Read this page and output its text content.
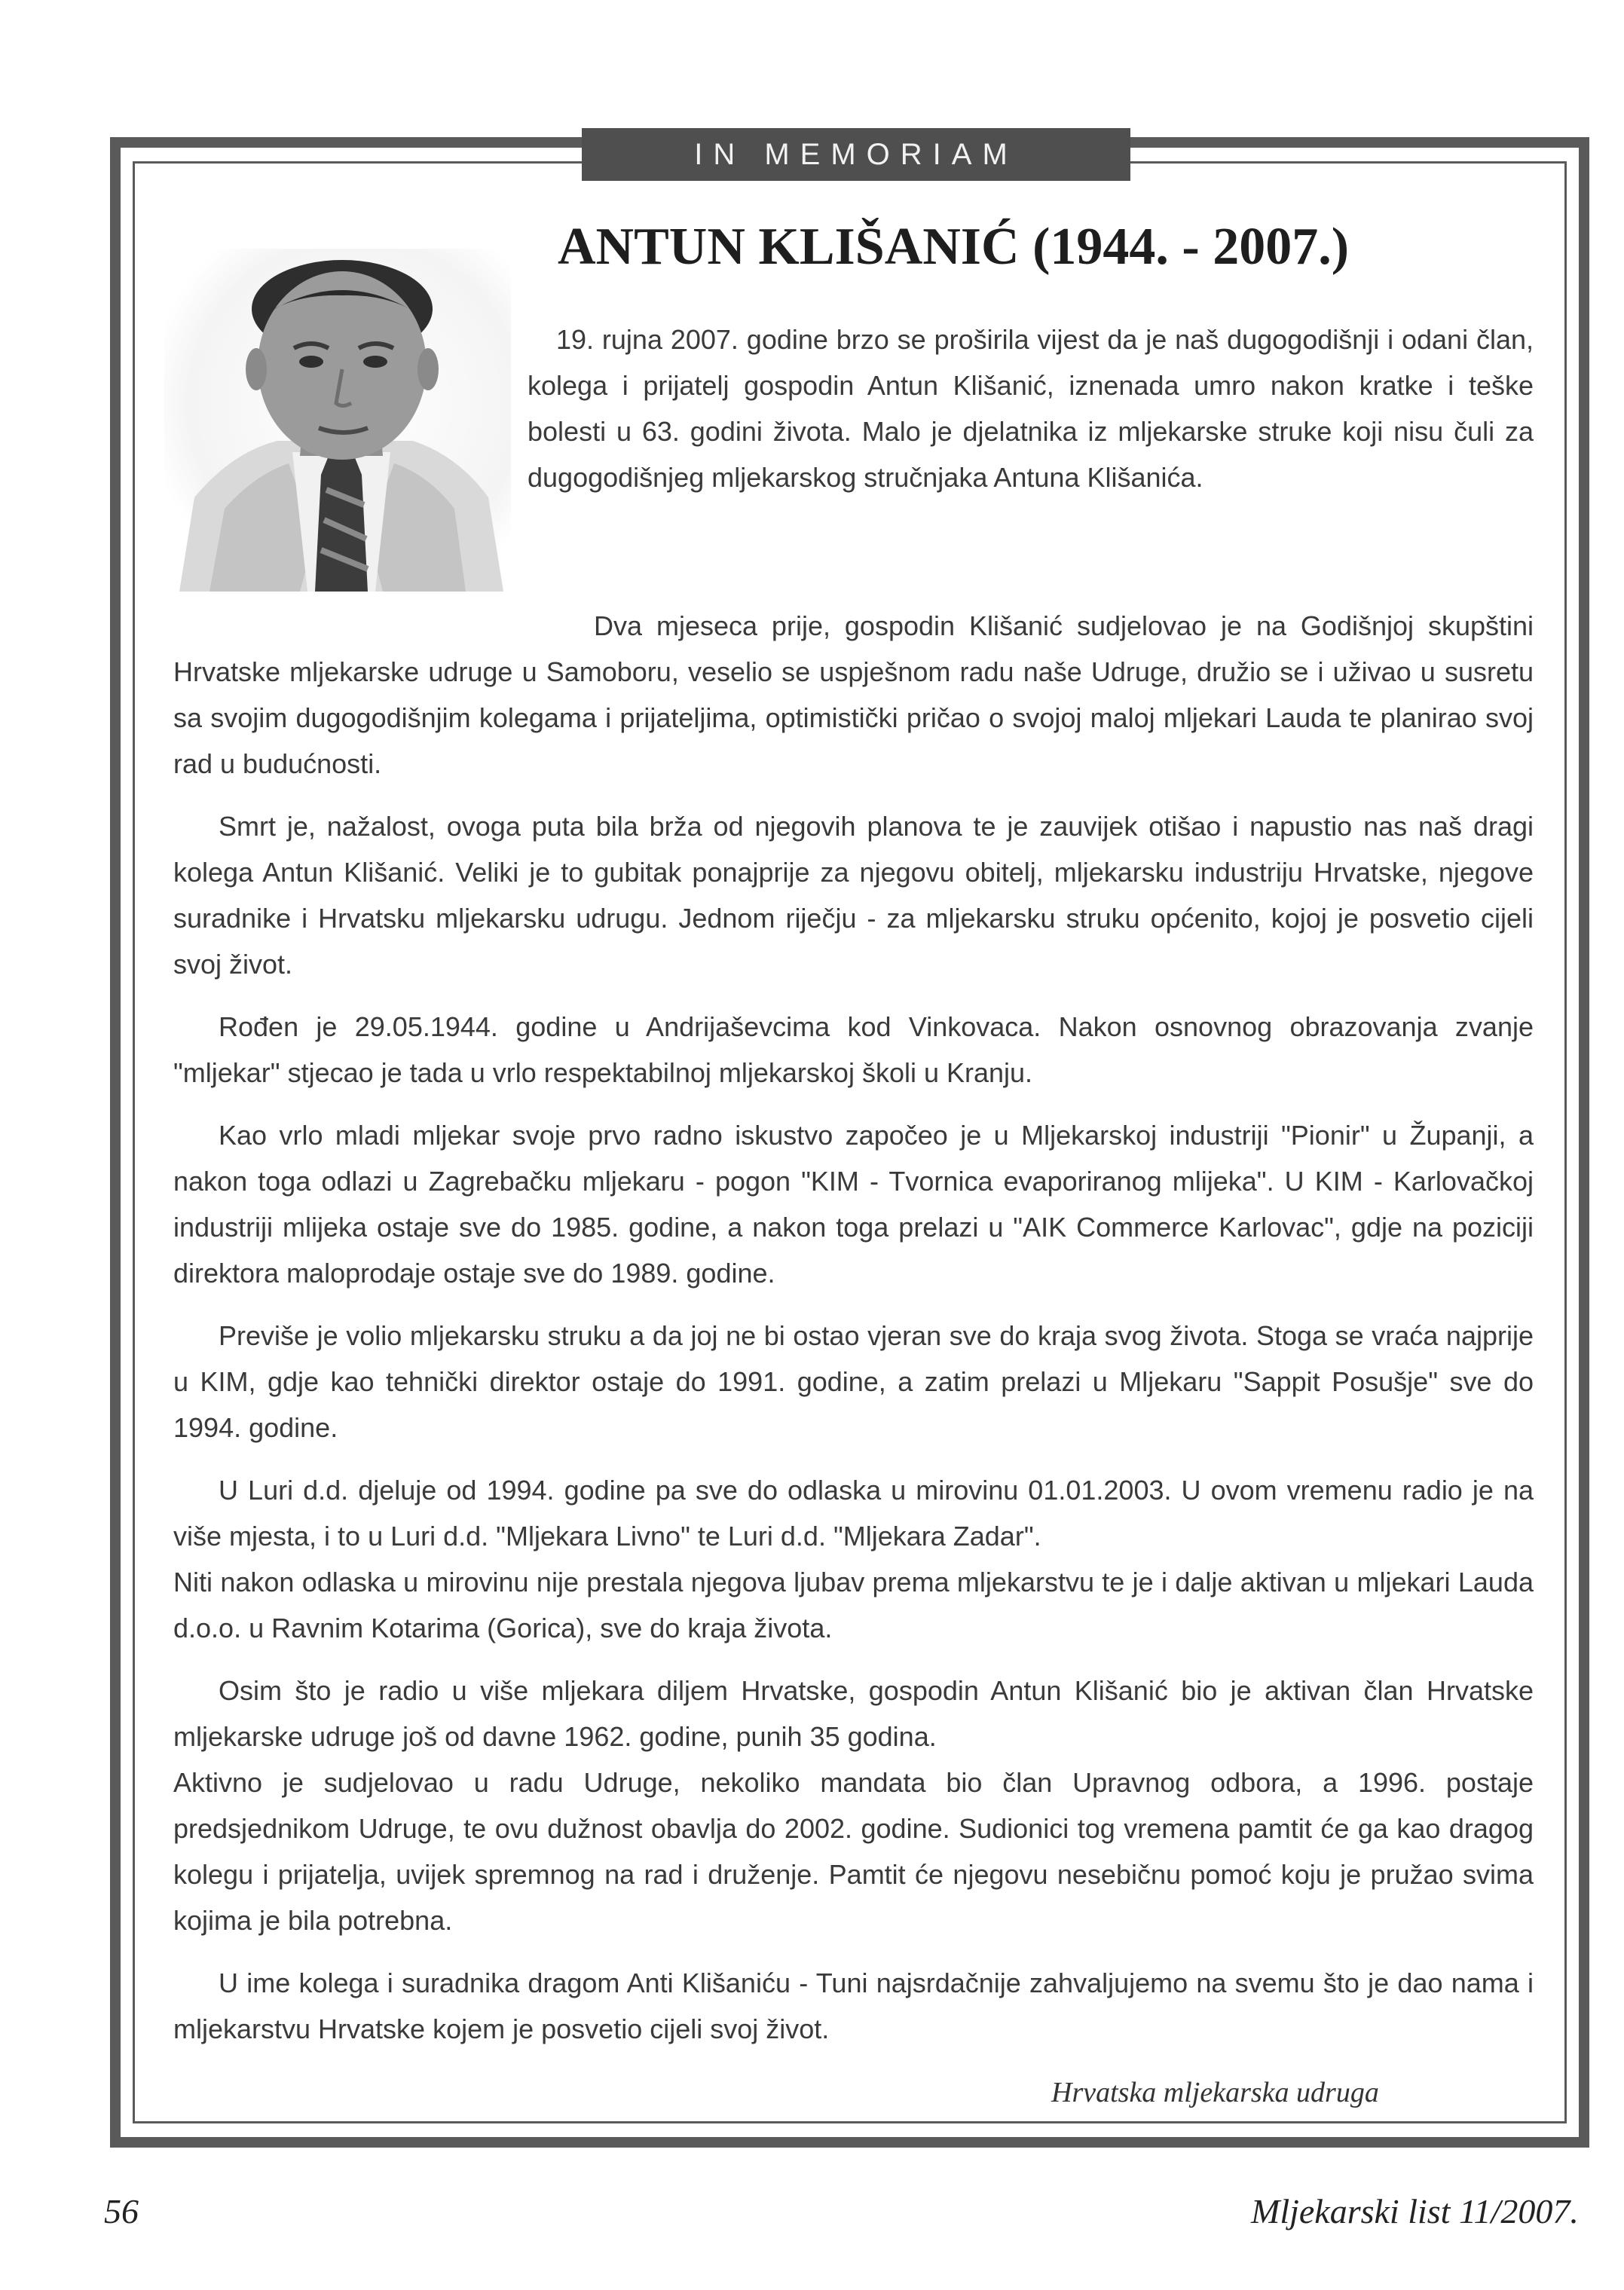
IN MEMORIAM
ANTUN KLIŠANIĆ (1944. - 2007.)

19. rujna 2007. godine brzo se proširila vijest da je naš dugogodišnji i odani član, kolega i prijatelj gospodin Antun Klišanić, iznenada umro nakon kratke i teške bolesti u 63. godini života. Malo je djelatnika iz mljekarske struke koji nisu čuli za dugogodišnjeg mljekarskog stručnjaka Antuna Klišanića.

Dva mjeseca prije, gospodin Klišanić sudjelovao je na Godišnjoj skupštini Hrvatske mljekarske udruge u Samoboru, veselio se uspješnom radu naše Udruge, družio se i uživao u susretu sa svojim dugogodišnjim kolegama i prijateljima, optimistički pričao o svojoj maloj mljekari Lauda te planirao svoj rad u budućnosti.

Smrt je, nažalost, ovoga puta bila brža od njegovih planova te je zauvijek otišao i napustio nas naš dragi kolega Antun Klišanić. Veliki je to gubitak ponajprije za njegovu obitelj, mljekarsku industriju Hrvatske, njegove suradnike i Hrvatsku mljekarsku udrugu. Jednom riječju - za mljekarsku struku općenito, kojoj je posvetio cijeli svoj život.

Rođen je 29.05.1944. godine u Andrijaševcima kod Vinkovaca. Nakon osnovnog obrazovanja zvanje "mljekar" stjecao je tada u vrlo respektabilnoj mljekarskoj školi u Kranju.

Kao vrlo mladi mljekar svoje prvo radno iskustvo započeo je u Mljekarskoj industriji "Pionir" u Županji, a nakon toga odlazi u Zagrebačku mljekaru - pogon "KIM - Tvornica evaporiranog mlijeka". U KIM - Karlovačkoj industriji mlijeka ostaje sve do 1985. godine, a nakon toga prelazi u "AIK Commerce Karlovac", gdje na poziciji direktora maloprodaje ostaje sve do 1989. godine.

Previše je volio mljekarsku struku a da joj ne bi ostao vjeran sve do kraja svog života. Stoga se vraća najprije u KIM, gdje kao tehnički direktor ostaje do 1991. godine, a zatim prelazi u Mljekaru "Sappit Posušje" sve do 1994. godine.

U Luri d.d. djeluje od 1994. godine pa sve do odlaska u mirovinu 01.01.2003. U ovom vremenu radio je na više mjesta, i to u Luri d.d. "Mljekara Livno" te Luri d.d. "Mljekara Zadar".

Niti nakon odlaska u mirovinu nije prestala njegova ljubav prema mljekarstvu te je i dalje aktivan u mljekari Lauda d.o.o. u Ravnim Kotarima (Gorica), sve do kraja života.

Osim što je radio u više mljekara diljem Hrvatske, gospodin Antun Klišanić bio je aktivan član Hrvatske mljekarske udruge još od davne 1962. godine, punih 35 godina.

Aktivno je sudjelovao u radu Udruge, nekoliko mandata bio član Upravnog odbora, a 1996. postaje predsjednikom Udruge, te ovu dužnost obavlja do 2002. godine. Sudionici tog vremena pamtit će ga kao dragog kolegu i prijatelja, uvijek spremnog na rad i druženje. Pamtit će njegovu nesebičnu pomoć koju je pružao svima kojima je bila potrebna.

U ime kolega i suradnika dragom Anti Klišaniću - Tuni najsrdačnije zahvaljujemo na svemu što je dao nama i mljekarstvu Hrvatske kojem je posvetio cijeli svoj život.

Hrvatska mljekarska udruga

56	Mljekarski list 11/2007.
